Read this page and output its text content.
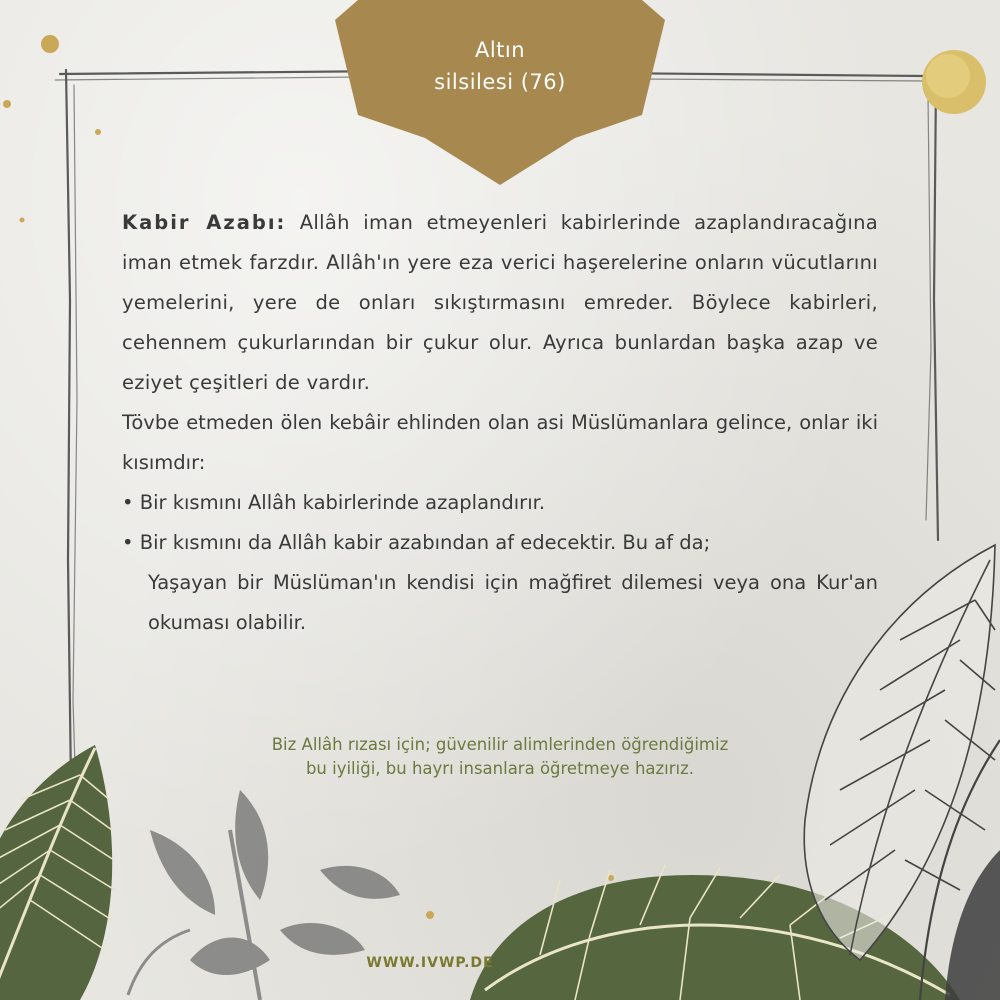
Altın
silsilesi (76)

Kabir Azabı: Allâh iman etmeyenleri kabirlerinde azaplandıracağına iman etmek farzdır. Allâh'ın yere eza verici haşerelerine onların vücutlarını yemelerini, yere de onları sıkıştırmasını emreder. Böylece kabirleri, cehennem çukurlarından bir çukur olur. Ayrıca bunlardan başka azap ve eziyet çeşitleri de vardır.

Tövbe etmeden ölen kebâir ehlinden olan asi Müslümanlara gelince, onlar iki kısımdır:

• Bir kısmını Allâh kabirlerinde azaplandırır.

• Bir kısmını da Allâh kabir azabından af edecektir. Bu af da;
Yaşayan bir Müslüman'ın kendisi için mağfiret dilemesi veya ona Kur'an okuması olabilir.

Biz Allâh rızası için; güvenilir alimlerinden öğrendiğimiz
bu iyiliği, bu hayrı insanlara öğretmeye hazırız.
WWW.IVWP.DE
